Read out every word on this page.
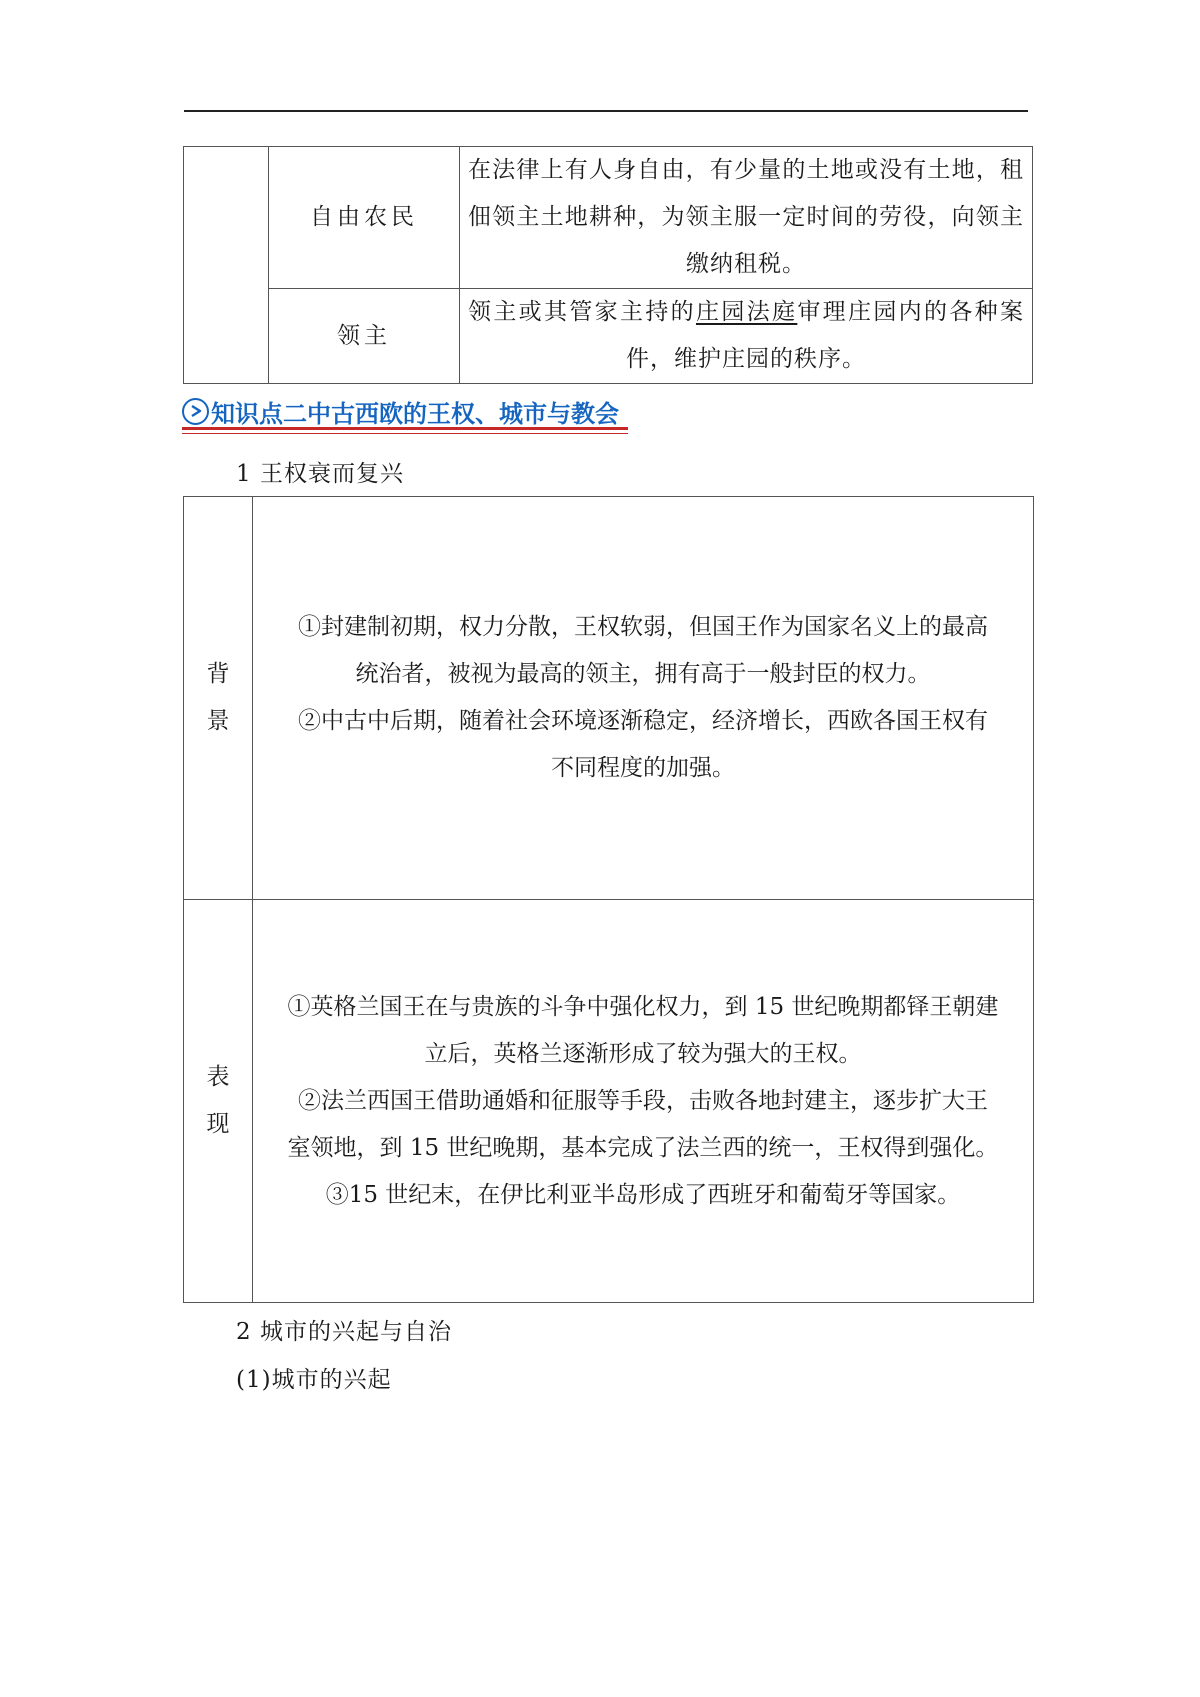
	自由农民	在法律上有人身自由，有少量的土地或没有土地，租佃领主土地耕种，为领主服一定时间的劳役，向领主缴纳租税。
	领主	领主或其管家主持的庄园法庭审理庄园内的各种案件，维护庄园的秩序。
知识点二中古西欧的王权、城市与教会
1 王权衰而复兴
背景	①封建制初期，权力分散，王权软弱，但国王作为国家名义上的最高
统治者，被视为最高的领主，拥有高于一般封臣的权力。
②中古中后期，随着社会环境逐渐稳定，经济增长，西欧各国王权有
不同程度的加强。

表现	①英格兰国王在与贵族的斗争中强化权力，到 15 世纪晚期都铎王朝建
立后，英格兰逐渐形成了较为强大的王权。
②法兰西国王借助通婚和征服等手段，击败各地封建主，逐步扩大王
室领地，到 15 世纪晚期，基本完成了法兰西的统一，王权得到强化。
③15 世纪末，在伊比利亚半岛形成了西班牙和葡萄牙等国家。
2 城市的兴起与自治
(1)城市的兴起
